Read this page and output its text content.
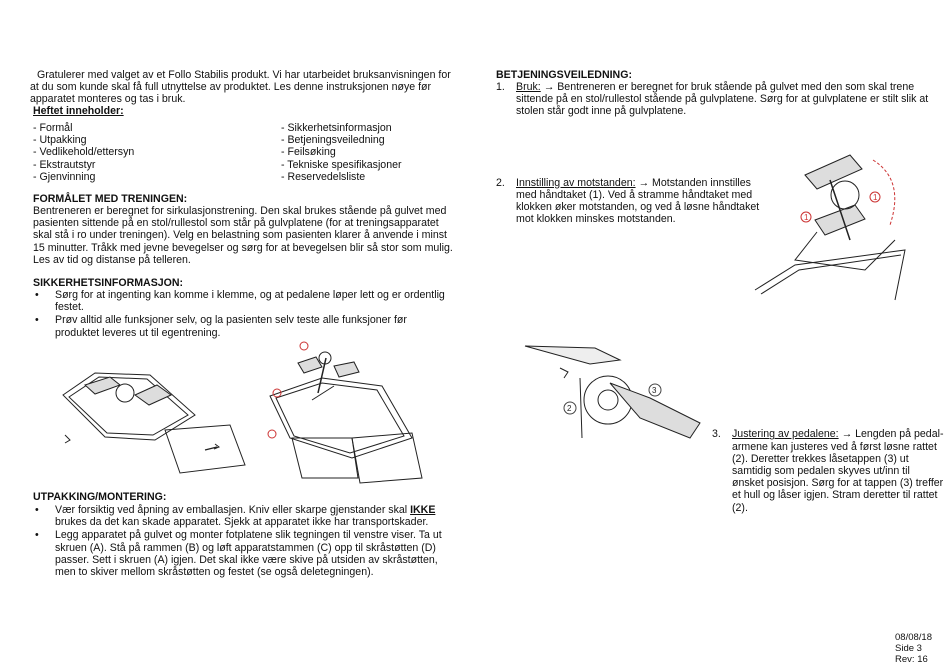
Gratulerer med valget av et Follo Stabilis produkt. Vi har utarbeidet bruksanvisningen for at du som kunde skal få full utnyttelse av produktet. Les denne instruksjonen nøye før apparatet monteres og tas i bruk.

Heftet inneholder:
- Formål	- Sikkerhetsinformasjon
- Utpakking	- Betjeningsveiledning
- Vedlikehold/ettersyn	- Feilsøking
- Ekstrautstyr	- Tekniske spesifikasjoner
- Gjenvinning	- Reservedelsliste
FORMÅLET MED TRENINGEN:

Bentreneren er beregnet for sirkulasjonstrening. Den skal brukes stående på gulvet med pasienten sittende på en stol/rullestol som står på gulvplatene (for at treningsapparatet skal stå i ro under treningen). Velg en belastning som pasienten klarer å anvende i minst 15 minutter. Tråkk med jevne bevegelser og sørg for at bevegelsen blir så stor som mulig. Les av tid og distanse på telleren.

SIKKERHETSINFORMASJON:
• Sørg for at ingenting kan komme i klemme, og at pedalene løper lett og er ordentlig festet.
• Prøv alltid alle funksjoner selv, og la pasienten selv teste alle funksjoner før produktet leveres ut til egentrening.
UTPAKKING/MONTERING:
• Vær forsiktig ved åpning av emballasjen. Kniv eller skarpe gjenstander skal IKKE brukes da det kan skade apparatet. Sjekk at apparatet ikke har transportskader.
• Legg apparatet på gulvet og monter fotplatene slik tegningen til venstre viser. Ta ut skruen (A). Stå på rammen (B) og løft apparatstammen (C) opp til skråstøtten (D) passer. Sett i skruen (A) igjen. Det skal ikke være skive på utsiden av skråstøtten, men to skiver mellom skråstøtten og festet (se også deletegningen).
BETJENINGSVEILEDNING:
1. Bruk: → Bentreneren er beregnet for bruk stående på gulvet med den som skal trene sittende på en stol/rullestol stående på gulvplatene. Sørg for at gulvplatene er stilt slik at stolen står godt inne på gulvplatene.
2. Innstilling av motstanden: → Motstanden innstilles med håndtaket (1). Ved å stramme håndtaket med klokken øker motstanden, og ved å løsne håndtaket mot klokken minskes motstanden.
3. Justering av pedalene: → Lengden på pedal-armene kan justeres ved å først løsne rattet (2). Deretter trekkes låsetappen (3) ut samtidig som pedalen skyves ut/inn til ønsket posisjon. Sørg for at tappen (3) treffer et hull og låser igjen. Stram deretter til rattet (2).
1
1
2
3
08/08/18
Side 3
Rev: 16
